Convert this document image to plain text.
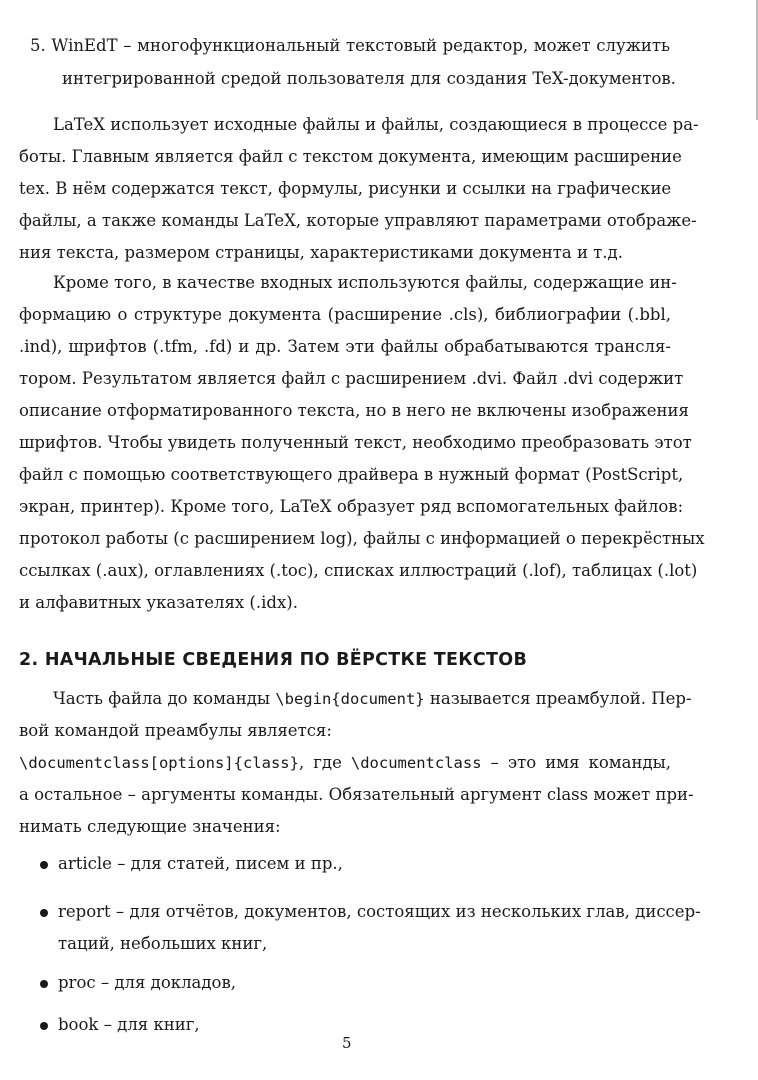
5. WinEdT – многофункциональный текстовый редактор, может служить
интегрированной средой пользователя для создания TeX-документов.
LaTeX использует исходные файлы и файлы, создающиеся в процессе ра-
боты. Главным является файл с текстом документа, имеющим расширение
tex. В нём содержатся текст, формулы, рисунки и ссылки на графические
файлы, а также команды LaTeX, которые управляют параметрами отображе-
ния текста, размером страницы, характеристиками документа и т.д.
Кроме того, в качестве входных используются файлы, содержащие ин-
формацию о структуре документа (расширение .cls), библиографии (.bbl,
.ind), шрифтов (.tfm, .fd) и др. Затем эти файлы обрабатываются трансля-
тором. Результатом является файл с расширением .dvi. Файл .dvi содержит
описание отформатированного текста, но в него не включены изображения
шрифтов. Чтобы увидеть полученный текст, необходимо преобразовать этот
файл с помощью соответствующего драйвера в нужный формат (PostScript,
экран, принтер). Кроме того, LaTeX образует ряд вспомогательных файлов:
протокол работы (с расширением log), файлы с информацией о перекрёстных
ссылках (.aux), оглавлениях (.toc), списках иллюстраций (.lof), таблицах (.lot)
и алфавитных указателях (.idx).
2. НАЧАЛЬНЫЕ СВЕДЕНИЯ ПО ВЁРСТКЕ ТЕКСТОВ
Часть файла до команды \begin{document} называется преамбулой. Пер-
вой командой преамбулы является:
\documentclass[options]{class}, где \documentclass – это имя команды,
а остальное – аргументы команды. Обязательный аргумент class может при-
нимать следующие значения:
article – для статей, писем и пр.,
report – для отчётов, документов, состоящих из нескольких глав, диссер-
таций, небольших книг,
proc – для докладов,
book – для книг,
5
